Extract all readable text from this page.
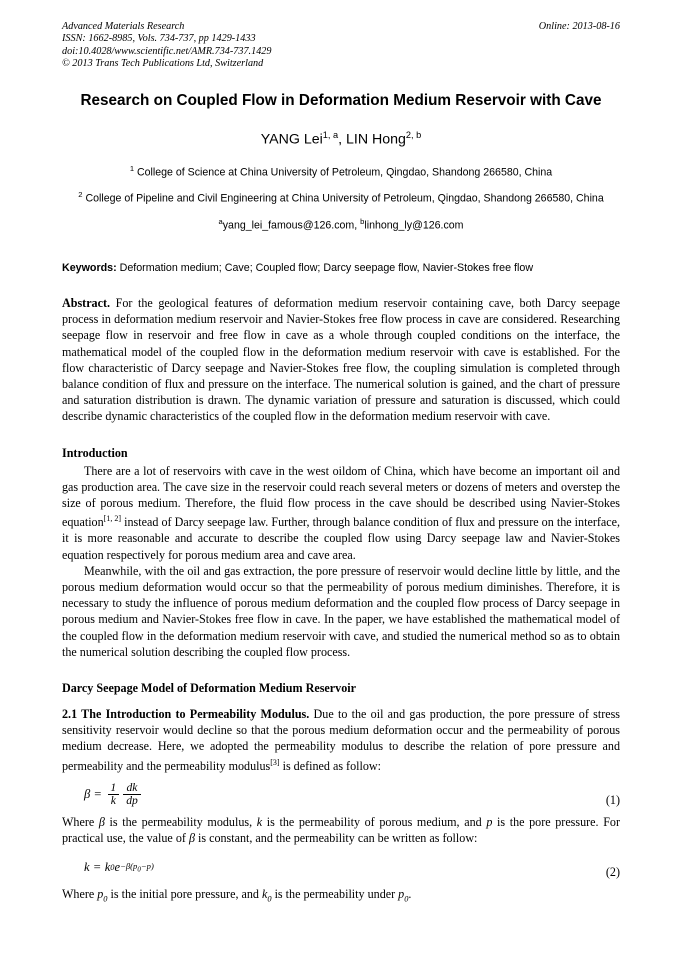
Advanced Materials Research	Online: 2013-08-16
ISSN: 1662-8985, Vols. 734-737, pp 1429-1433
doi:10.4028/www.scientific.net/AMR.734-737.1429
© 2013 Trans Tech Publications Ltd, Switzerland
Research on Coupled Flow in Deformation Medium Reservoir with Cave
YANG Lei$^{1, a}$, LIN Hong$^{2, b}$
$^1$ College of Science at China University of Petroleum, Qingdao, Shandong 266580, China
$^2$ College of Pipeline and Civil Engineering at China University of Petroleum, Qingdao, Shandong 266580, China
$^a$yang_lei_famous@126.com, $^b$linhong_ly@126.com
Keywords: Deformation medium; Cave; Coupled flow; Darcy seepage flow, Navier-Stokes free flow
Abstract. For the geological features of deformation medium reservoir containing cave, both Darcy seepage process in deformation medium reservoir and Navier-Stokes free flow process in cave are considered. Researching seepage flow in reservoir and free flow in cave as a whole through coupled conditions on the interface, the mathematical model of the coupled flow in the deformation medium reservoir with cave is established. For the flow characteristic of Darcy seepage and Navier-Stokes free flow, the coupling simulation is completed through balance condition of flux and pressure on the interface. The numerical solution is gained, and the chart of pressure and saturation distribution is drawn. The dynamic variation of pressure and saturation is discussed, which could describe dynamic characteristics of the coupled flow in the deformation medium reservoir with cave.
Introduction
There are a lot of reservoirs with cave in the west oildom of China, which have become an important oil and gas production area. The cave size in the reservoir could reach several meters or dozens of meters and overstep the size of porous medium. Therefore, the fluid flow process in the cave should be described using Navier-Stokes equation[1, 2] instead of Darcy seepage law. Further, through balance condition of flux and pressure on the interface, it is more reasonable and accurate to describe the coupled flow using Darcy seepage law and Navier-Stokes equation respectively for porous medium area and cave area.
Meanwhile, with the oil and gas extraction, the pore pressure of reservoir would decline little by little, and the porous medium deformation would occur so that the permeability of porous medium diminishes. Therefore, it is necessary to study the influence of porous medium deformation and the coupled flow process of Darcy seepage in porous medium and Navier-Stokes free flow in cave. In the paper, we have established the mathematical model of the coupled flow in the deformation medium reservoir with cave, and studied the numerical method so as to obtain the numerical solution describing the coupled flow process.
Darcy Seepage Model of Deformation Medium Reservoir
2.1 The Introduction to Permeability Modulus. Due to the oil and gas production, the pore pressure of stress sensitivity reservoir would decline so that the porous medium deformation occur and the permeability of porous medium decrease. Here, we adopted the permeability modulus to describe the relation of pore pressure and permeability and the permeability modulus[3] is defined as follow:
$\beta = \frac{1}{k} \frac{dk}{dp}$	(1)
Where β is the permeability modulus, k is the permeability of porous medium, and p is the pore pressure. For practical use, the value of β is constant, and the permeability can be written as follow:
k = k 0 $e -\beta(p_0-p)$	(2)
Where $p_0$ is the initial pore pressure, and $k_0$ is the permeability under $p_0$.
